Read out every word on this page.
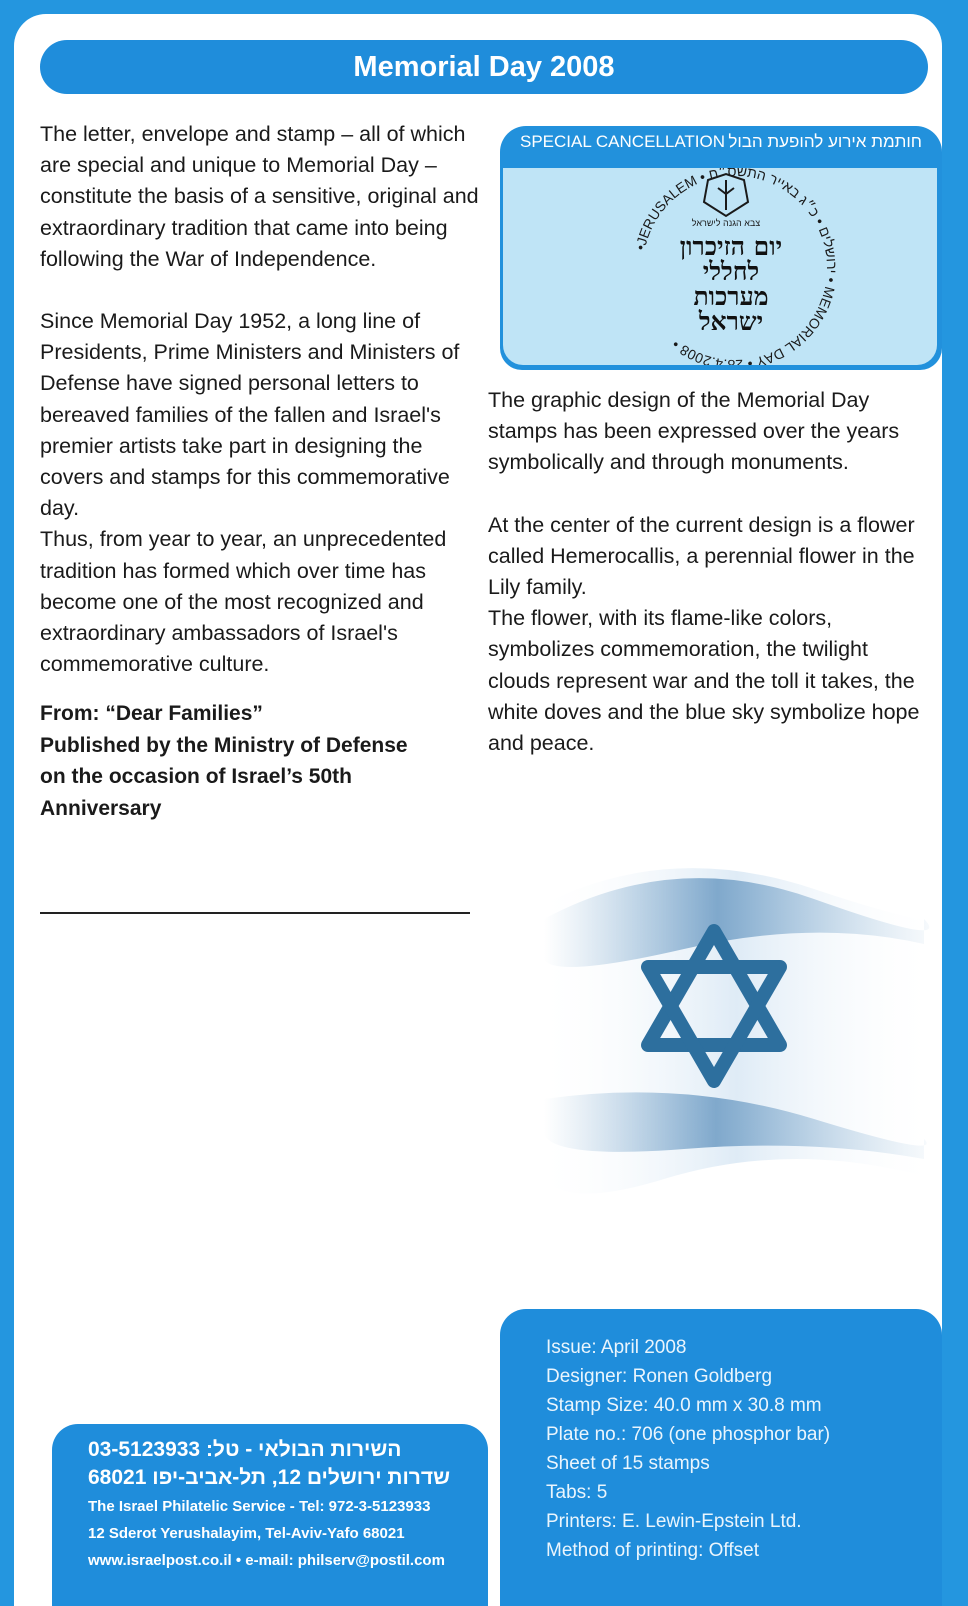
Memorial Day 2008

The letter, envelope and stamp – all of which are special and unique to Memorial Day – constitute the basis of a sensitive, original and extraordinary tradition that came into being following the War of Independence.

Since Memorial Day 1952, a long line of Presidents, Prime Ministers and Ministers of Defense have signed personal letters to bereaved families of the fallen and Israel's premier artists take part in designing the covers and stamps for this commemorative day.

Thus, from year to year, an unprecedented tradition has formed which over time has become one of the most recognized and extraordinary ambassadors of Israel's commemorative culture.

From: “Dear Families”
Published by the Ministry of Defense
on the occasion of Israel’s 50th
Anniversary
SPECIAL CANCELLATION חותמת אירוע להופעת הבול
•JERUSALEM • ירושלים • כ״ג באייר התשס״ח • MEMORIAL DAY • 28.4.2008 •
צבא הגנה לישראל
יום הזיכרון
לחללי
מערכות
ישראל

The graphic design of the Memorial Day stamps has been expressed over the years symbolically and through monuments.

At the center of the current design is a flower called Hemerocallis, a perennial flower in the Lily family.

The flower, with its flame-like colors, symbolizes commemoration, the twilight clouds represent war and the toll it takes, the white doves and the blue sky symbolize hope and peace.

Issue: April 2008
Designer: Ronen Goldberg
Stamp Size: 40.0 mm x 30.8 mm
Plate no.: 706 (one phosphor bar)
Sheet of 15 stamps
Tabs: 5
Printers: E. Lewin-Epstein Ltd.
Method of printing: Offset
השירות הבולאי - טל: 03-5123933
שדרות ירושלים 12, תל-אביב-יפו 68021
The Israel Philatelic Service - Tel: 972-3-5123933
12 Sderot Yerushalayim, Tel-Aviv-Yafo 68021
www.israelpost.co.il • e-mail: philserv@postil.com
